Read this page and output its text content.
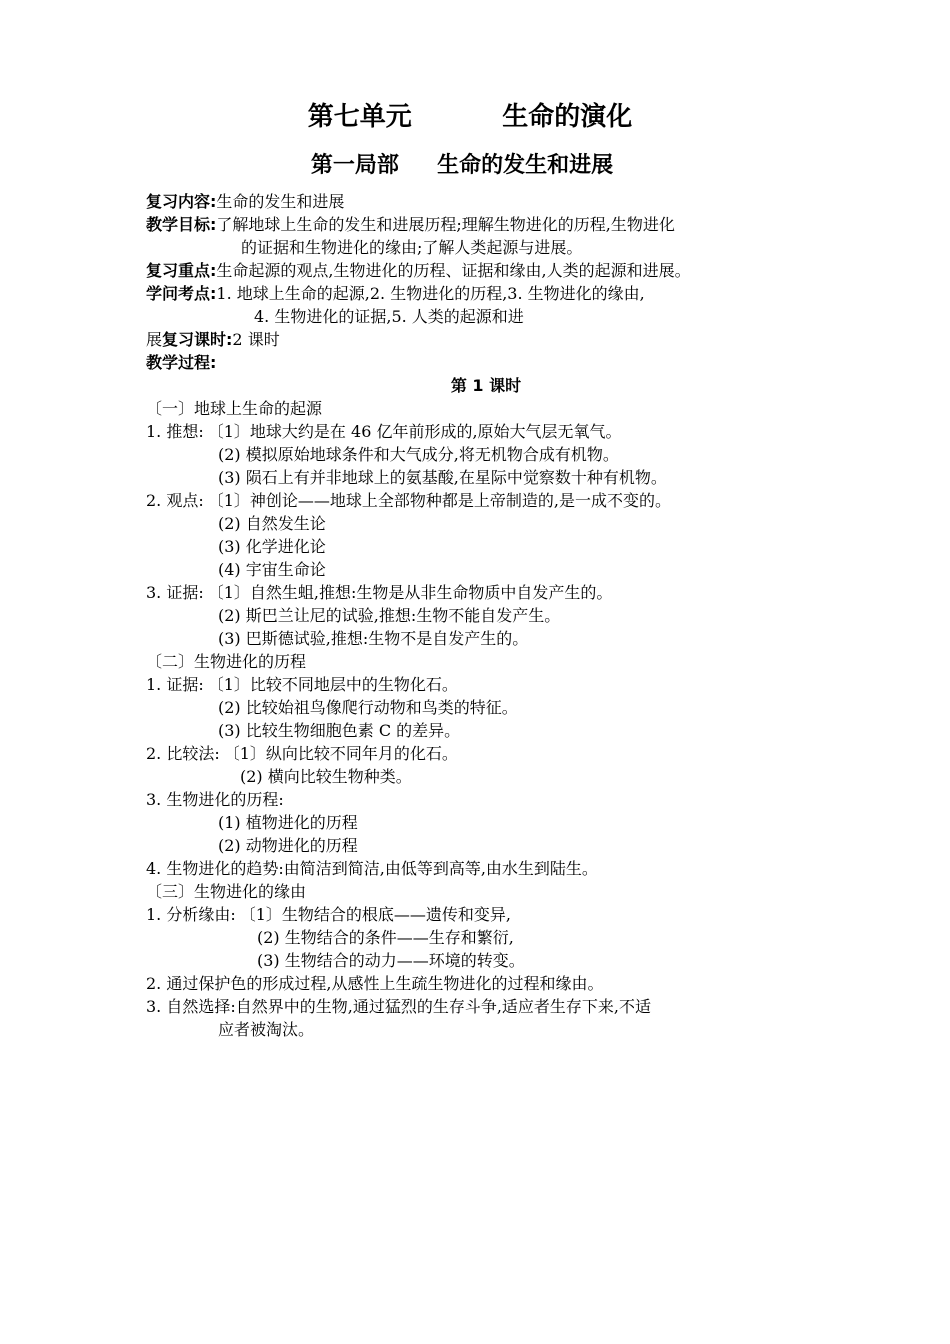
第七单元	生命的演化
第一局部 生命的发生和进展
复习内容:生命的发生和进展
教学目标:了解地球上生命的发生和进展历程;理解生物进化的历程,生物进化
的证据和生物进化的缘由;了解人类起源与进展。
复习重点:生命起源的观点,生物进化的历程、证据和缘由,人类的起源和进展。
学问考点:1. 地球上生命的起源,2. 生物进化的历程,3. 生物进化的缘由,
4. 生物进化的证据,5. 人类的起源和进
展复习课时:2 课时
教学过程:
第 1 课时
〔一〕地球上生命的起源
1. 推想: 〔1〕地球大约是在 46 亿年前形成的,原始大气层无氧气。
(2) 模拟原始地球条件和大气成分,将无机物合成有机物。
(3) 陨石上有并非地球上的氨基酸,在星际中觉察数十种有机物。
2. 观点: 〔1〕神创论——地球上全部物种都是上帝制造的,是一成不变的。
(2) 自然发生论
(3) 化学进化论
(4) 宇宙生命论
3. 证据: 〔1〕自然生蛆,推想:生物是从非生命物质中自发产生的。
(2) 斯巴兰让尼的试验,推想:生物不能自发产生。
(3) 巴斯德试验,推想:生物不是自发产生的。
〔二〕生物进化的历程
1. 证据: 〔1〕比较不同地层中的生物化石。
(2) 比较始祖鸟像爬行动物和鸟类的特征。
(3) 比较生物细胞色素 C 的差异。
2. 比较法: 〔1〕纵向比较不同年月的化石。
(2) 横向比较生物种类。
3. 生物进化的历程:
(1) 植物进化的历程
(2) 动物进化的历程
4. 生物进化的趋势:由简洁到简洁,由低等到高等,由水生到陆生。
〔三〕生物进化的缘由
1. 分析缘由: 〔1〕生物结合的根底——遗传和变异,
(2) 生物结合的条件——生存和繁衍,
(3) 生物结合的动力——环境的转变。
2. 通过保护色的形成过程,从感性上生疏生物进化的过程和缘由。
3. 自然选择:自然界中的生物,通过猛烈的生存斗争,适应者生存下来,不适
应者被淘汰。
